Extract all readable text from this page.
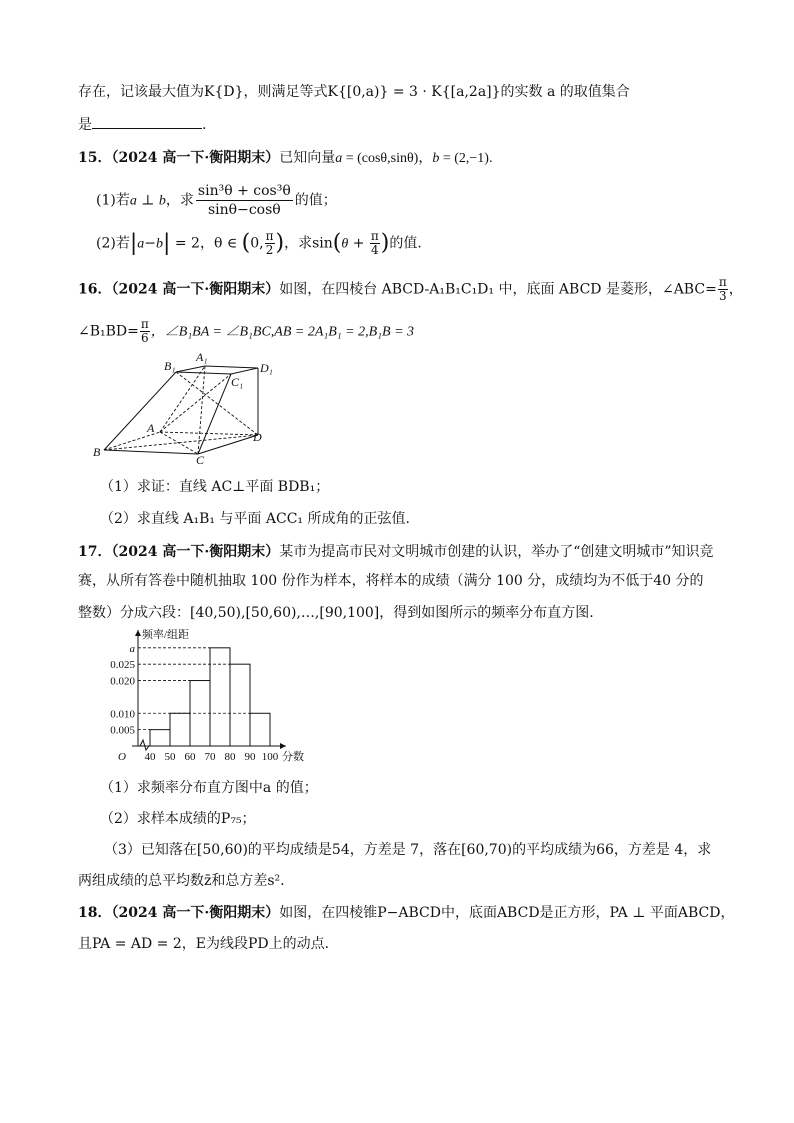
存在，记该最大值为K{D}，则满足等式K{[0,a)} = 3 · K{[a,2a]}的实数 a 的取值集合
是	.
15．（2024 高一下·衡阳期末）已知向量a = (cosθ,sinθ)，b = (2,−1).
(1)若a ⊥ b，求 $\frac{\text{sin³θ + cos³θ}}{\sin\theta-\cos\theta}$ 的值；
(2)若|a−b| = 2，θ ∈ (0, $\frac{\pi}{2}$ )，求$\sin(\theta + \frac{\pi}{4}$ )的值.
16．（2024 高一下·衡阳期末）如图，在四棱台 ABCD-A₁B₁C₁D₁ 中，底面 ABCD 是菱形，∠ABC= $\frac{\pi}{3}$ ，
∠B₁BD= $\frac{\pi}{6}$ ，∠B₁BA = ∠B₁BC,AB = 2A₁B₁ = 2,B₁B = 3
B₁
A₁
C₁
D₁
A
D
B
C
（1）求证：直线 AC⊥平面 BDB₁；
（2）求直线 A₁B₁ 与平面 ACC₁ 所成角的正弦值.
17．（2024 高一下·衡阳期末）某市为提高市民对文明城市创建的认识，举办了“创建文明城市”知识竞
赛，从所有答卷中随机抽取 100 份作为样本，将样本的成绩（满分 100 分，成绩均为不低于40 分的
整数）分成六段：[40,50),[50,60),…,[90,100]，得到如图所示的频率分布直方图.
0.005
0.010
0.020
0.025
a
40 50 60 70 80 90 100 分数
频率/组距
O
（1）求频率分布直方图中a 的值；
（2）求样本成绩的P₇₅；
（3）已知落在[50,60)的平均成绩是54，方差是 7，落在[60,70)的平均成绩为66，方差是 4，求
两组成绩的总平均数z̄和总方差s².
18．（2024 高一下·衡阳期末）如图，在四棱锥P−ABCD中，底面ABCD是正方形，PA ⊥ 平面ABCD，
且PA = AD = 2，E为线段PD上的动点.
